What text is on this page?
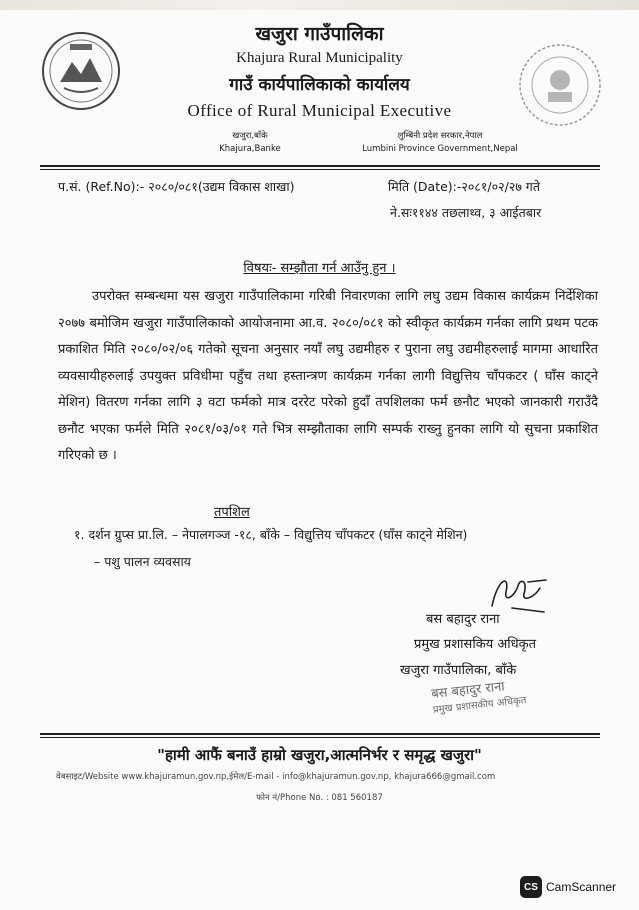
खजुरा गाउँपालिका
Khajura Rural Municipality
गाउँ कार्यपालिकाको कार्यालय
Office of Rural Municipal Executive
खजुरा,बाँके
Khajura,Banke
लुम्बिनी प्रदेश सरकार,नेपाल
Lumbini Province Government,Nepal
प.सं. (Ref.No):- २०८०/०८१(उद्यम विकास शाखा)	मिति (Date):-२०८१/०२/२७ गते
ने.सः११४४ तछलाथ्व, ३ आईतबार
विषयः- सम्झौता गर्न आउँनु हुन ।
उपरोक्त सम्बन्धमा यस खजुरा गाउँपालिकामा गरिबी निवारणका लागि लघु उद्यम विकास कार्यक्रम निर्देशिका २०७७ बमोजिम खजुरा गाउँपालिकाको आयोजनामा आ.व. २०८०/०८१ को स्वीकृत कार्यक्रम गर्नका लागि प्रथम पटक प्रकाशित मिति २०८०/०२/०६ गतेको सूचना अनुसार नयाँ लघु उद्यमीहरु र पुराना लघु उद्यमीहरुलाई मागमा आधारित व्यवसायीहरुलाई उपयुक्त प्रविधीमा पहुँच तथा हस्तान्त्रण कार्यक्रम गर्नका लागी विद्युत्तिय चाँपकटर ( घाँस काट्ने मेशिन) वितरण गर्नका लागि ३ वटा फर्मको मात्र दररेट परेको हुदाँ तपशिलका फर्म छनौट भएको जानकारी गराउँदै छनौट भएका फर्मले मिति २०८१/०३/०१ गते भित्र सम्झौताका लागि सम्पर्क राख्नु हुनका लागि यो सुचना प्रकाशित गरिएको छ ।
तपशिल
१. दर्शन ग्रुप्स प्रा.लि. – नेपालगञ्ज -१८, बाँके – विद्युत्तिय चाँपकटर (घाँस काट्ने मेशिन)
– पशु पालन व्यवसाय
बस बहादुर राना
प्रमुख प्रशासकिय अधिकृत
खजुरा गाउँपालिका, बाँके
बस बहादुर राना
प्रमुख प्रशासकीय अधिकृत
"हामी आफैं बनाउँ हाम्रो खजुरा,आत्मनिर्भर र समृद्ध खजुरा"
वेबसाइट/Website www.khajuramun.gov.np,ईमेल/E-mail - info@khajuramun.gov.np, khajura666@gmail.com
फोन नं/Phone No. : 081 560187
CS CamScanner
